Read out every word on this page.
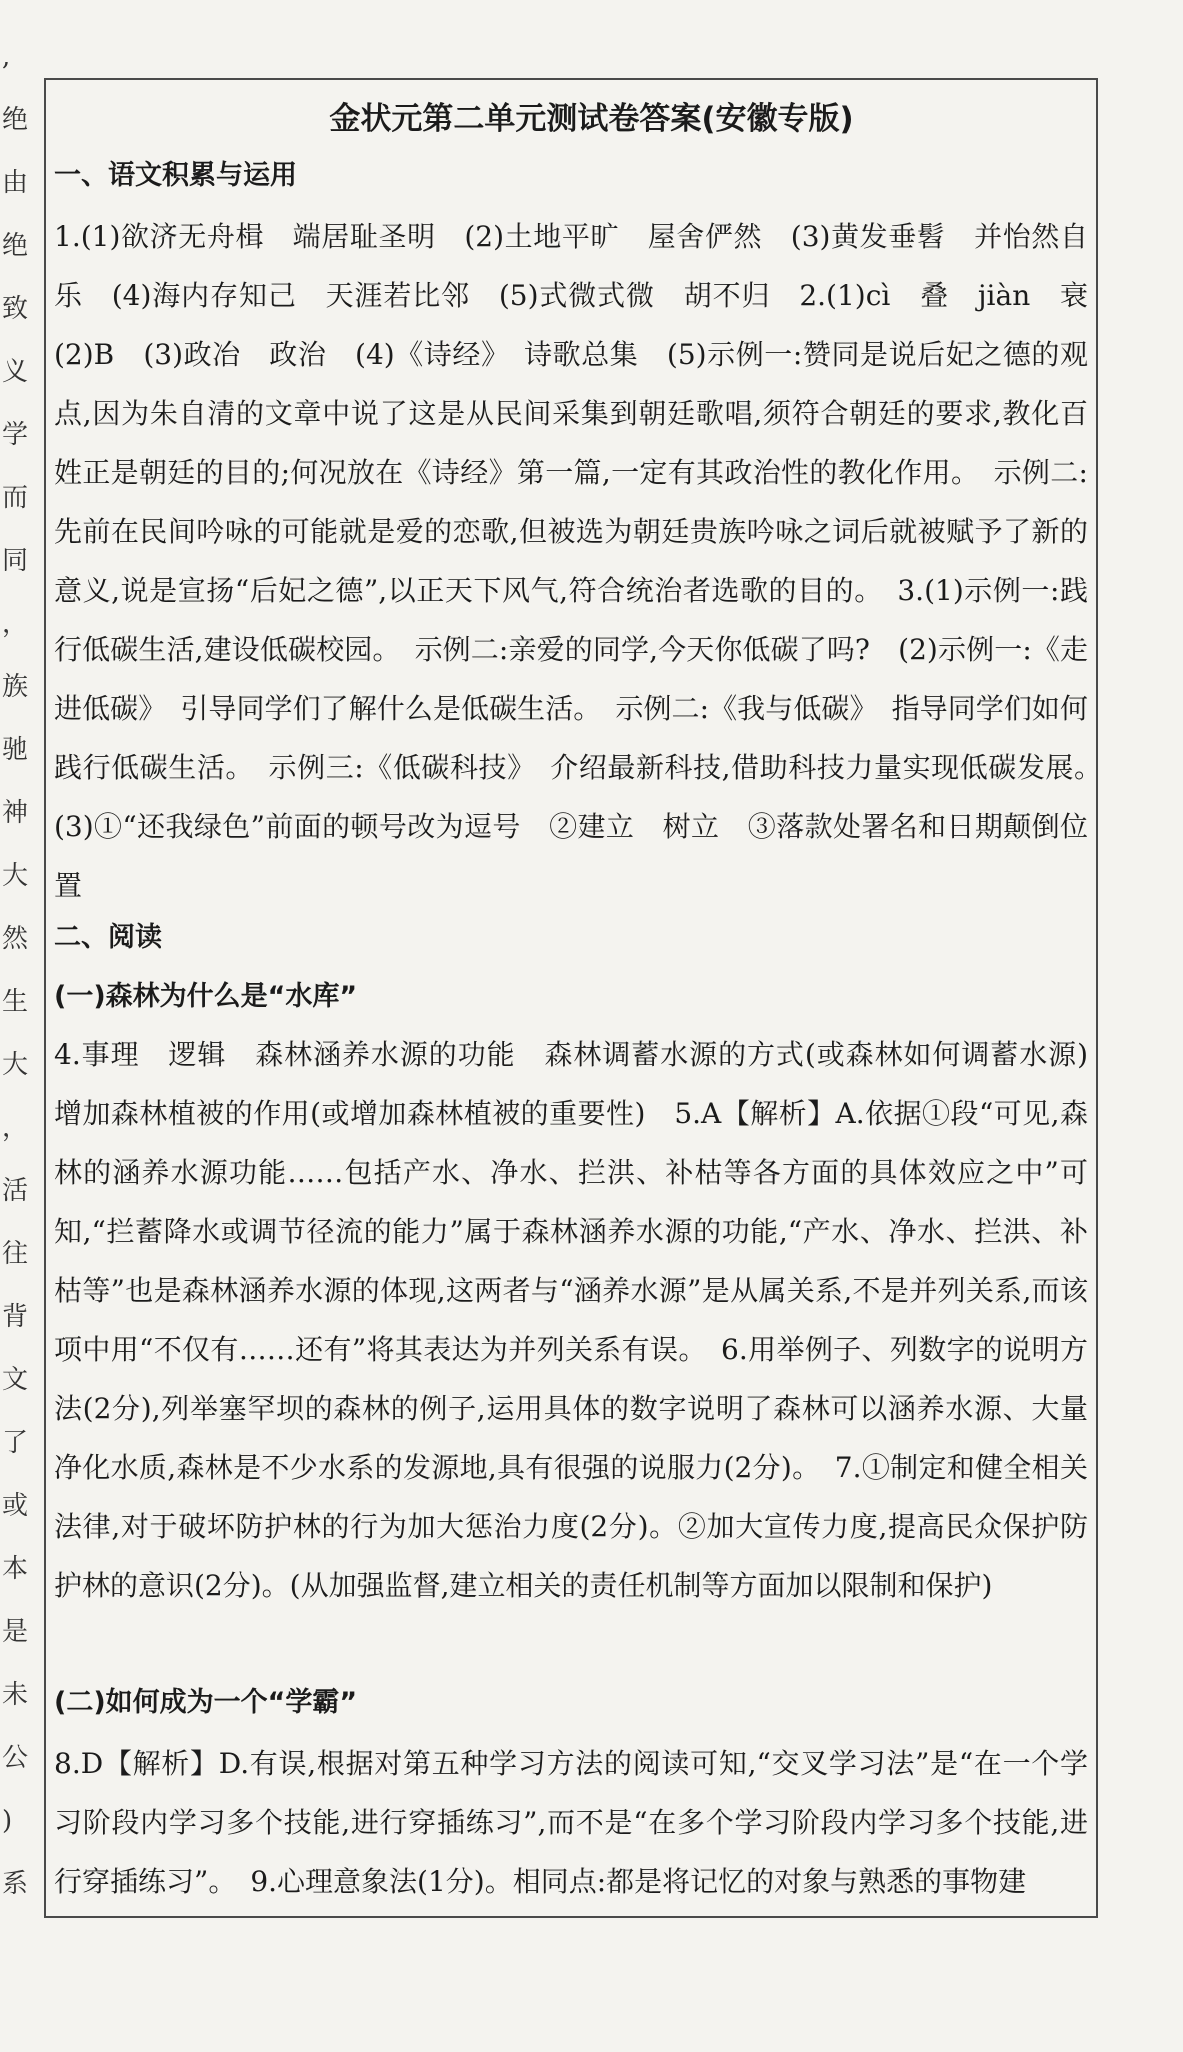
,
绝
由
绝
致
义
学
而
同
，
族
驰
神
大
然
生
大
，
活
往
背
文
了
或
本
是
未
公
)
系
金状元第二单元测试卷答案(安徽专版)
一、语文积累与运用

1.(1)欲济无舟楫　端居耻圣明　(2)土地平旷　屋舍俨然　(3)黄发垂髫　并怡然自乐　(4)海内存知己　天涯若比邻　(5)式微式微　胡不归　2.(1)cì　叠　jiàn　衰　(2)B　(3)政冶　政治　(4)《诗经》　诗歌总集　(5)示例一:赞同是说后妃之德的观点,因为朱自清的文章中说了这是从民间采集到朝廷歌唱,须符合朝廷的要求,教化百姓正是朝廷的目的;何况放在《诗经》第一篇,一定有其政治性的教化作用。　示例二:先前在民间吟咏的可能就是爱的恋歌,但被选为朝廷贵族吟咏之词后就被赋予了新的意义,说是宣扬“后妃之德”,以正天下风气,符合统治者选歌的目的。　3.(1)示例一:践行低碳生活,建设低碳校园。　示例二:亲爱的同学,今天你低碳了吗?　(2)示例一:《走进低碳》　引导同学们了解什么是低碳生活。　示例二:《我与低碳》　指导同学们如何践行低碳生活。　示例三:《低碳科技》　介绍最新科技,借助科技力量实现低碳发展。　(3)①“还我绿色”前面的顿号改为逗号　②建立　树立　③落款处署名和日期颠倒位置

二、阅读
(一)森林为什么是“水库”

4.事理　逻辑　森林涵养水源的功能　森林调蓄水源的方式(或森林如何调蓄水源)　增加森林植被的作用(或增加森林植被的重要性)　5.A【解析】A.依据①段“可见,森林的涵养水源功能……包括产水、净水、拦洪、补枯等各方面的具体效应之中”可知,“拦蓄降水或调节径流的能力”属于森林涵养水源的功能,“产水、净水、拦洪、补枯等”也是森林涵养水源的体现,这两者与“涵养水源”是从属关系,不是并列关系,而该项中用“不仅有……还有”将其表达为并列关系有误。　6.用举例子、列数字的说明方法(2分),列举塞罕坝的森林的例子,运用具体的数字说明了森林可以涵养水源、大量净化水质,森林是不少水系的发源地,具有很强的说服力(2分)。　7.①制定和健全相关法律,对于破坏防护林的行为加大惩治力度(2分)。②加大宣传力度,提高民众保护防护林的意识(2分)。(从加强监督,建立相关的责任机制等方面加以限制和保护)

(二)如何成为一个“学霸”

8.D【解析】D.有误,根据对第五种学习方法的阅读可知,“交叉学习法”是“在一个学习阶段内学习多个技能,进行穿插练习”,而不是“在多个学习阶段内学习多个技能,进行穿插练习”。　9.心理意象法(1分)。相同点:都是将记忆的对象与熟悉的事物建
